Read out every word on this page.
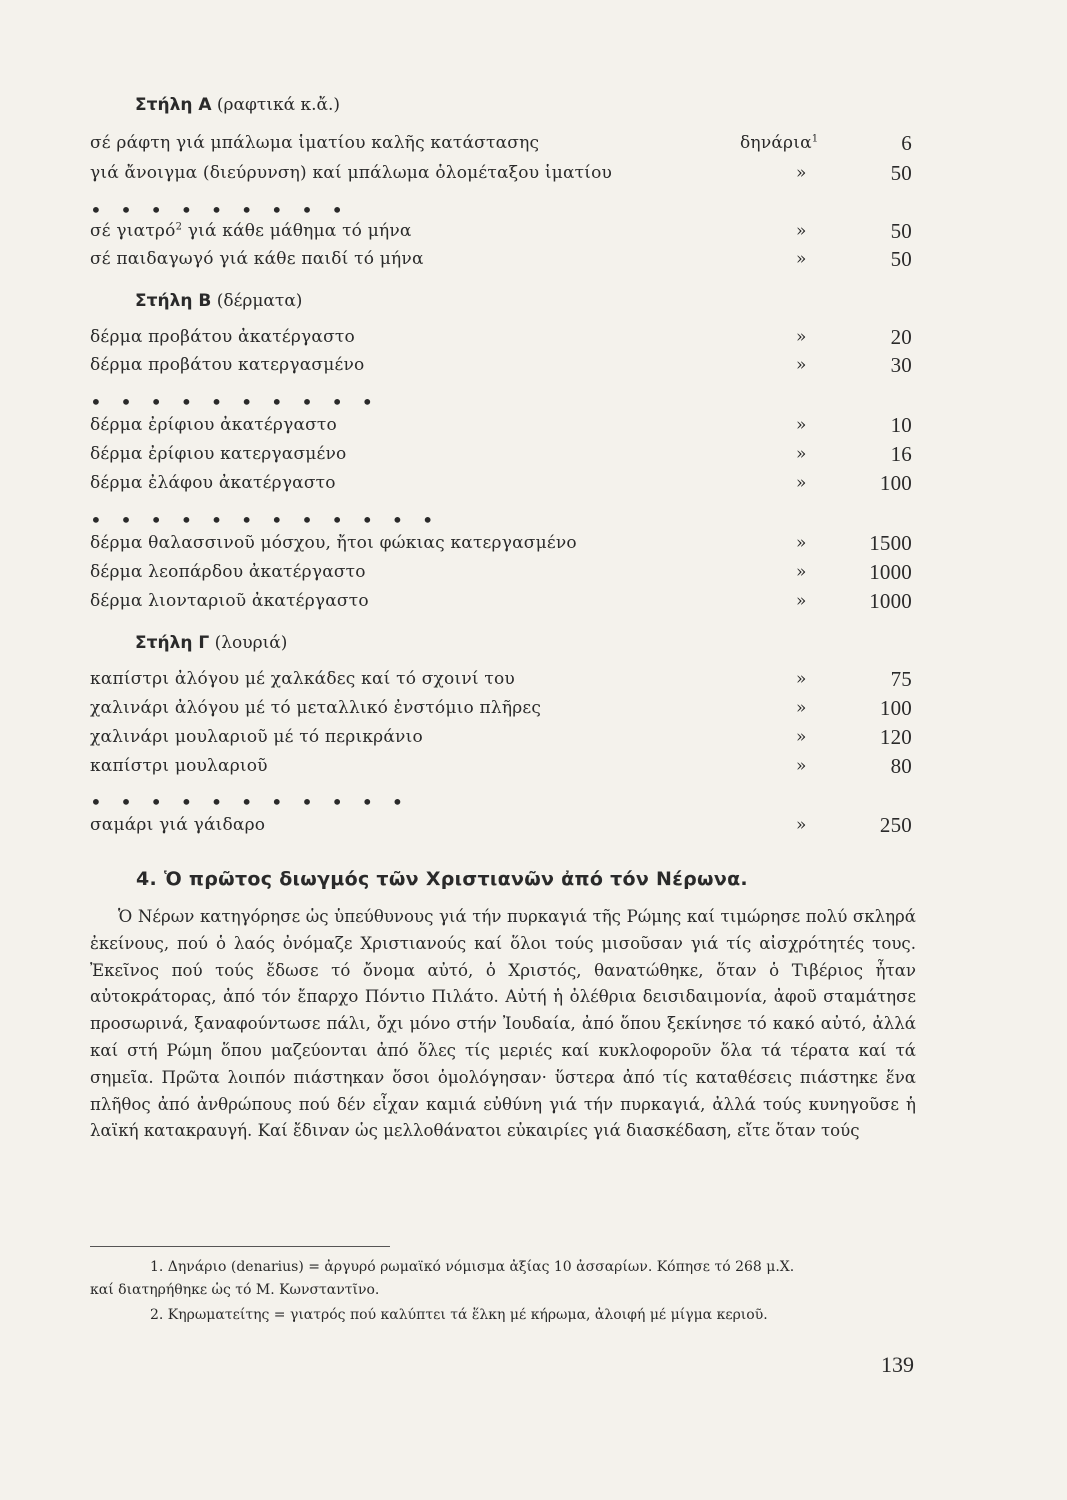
Στήλη Α (ραφτικά κ.ἄ.)
σέ ράφτη γιά μπάλωμα ἱματίου καλῆς κατάστασης	δηνάρια$^1$	6
γιά ἄνοιγμα (διεύρυνση) καί μπάλωμα ὁλομέταξου ἱματίου	»	50
• • • • • • • • •
σέ γιατρό$^2$ γιά κάθε μάθημα τό μήνα	»	50
σέ παιδαγωγό γιά κάθε παιδί τό μήνα	»	50
Στήλη Β (δέρματα)
δέρμα προβάτου ἀκατέργαστο	»	20
δέρμα προβάτου κατεργασμένο	»	30
• • • • • • • • • •
δέρμα ἐρίφιου ἀκατέργαστο	»	10
δέρμα ἐρίφιου κατεργασμένο	»	16
δέρμα ἐλάφου ἀκατέργαστο	»	100
• • • • • • • • • • • •
δέρμα θαλασσινοῦ μόσχου, ἤτοι φώκιας κατεργασμένο	»	1500
δέρμα λεοπάρδου ἀκατέργαστο	»	1000
δέρμα λιονταριοῦ ἀκατέργαστο	»	1000
Στήλη Γ (λουριά)
καπίστρι ἀλόγου μέ χαλκάδες καί τό σχοινί του	»	75
χαλινάρι ἀλόγου μέ τό μεταλλικό ἐνστόμιο πλῆρες	»	100
χαλινάρι μουλαριοῦ μέ τό περικράνιο	»	120
καπίστρι μουλαριοῦ	»	80
• • • • • • • • • • •
σαμάρι γιά γάιδαρο	»	250
4. Ὁ πρῶτος διωγμός τῶν Χριστιανῶν ἀπό τόν Νέρωνα.
Ὁ Νέρων κατηγόρησε ὡς ὑπεύθυνους γιά τήν πυρκαγιά τῆς Ρώμης καί τιμώρησε πολύ σκληρά ἐκείνους, πού ὁ λαός ὀνόμαζε Χριστιανούς καί ὅλοι τούς μισοῦσαν γιά τίς αἰσχρότητές τους. Ἐκεῖνος πού τούς ἔδωσε τό ὄνομα αὐτό, ὁ Χριστός, θανατώθηκε, ὅταν ὁ Τιβέριος ἦταν αὐτοκράτορας, ἀπό τόν ἔπαρχο Πόντιο Πιλάτο. Αὐτή ἡ ὀλέθρια δεισιδαιμονία, ἀφοῦ σταμάτησε προσωρινά, ξαναφούντωσε πάλι, ὄχι μόνο στήν Ἰουδαία, ἀπό ὅπου ξεκίνησε τό κακό αὐτό, ἀλλά καί στή Ρώμη ὅπου μαζεύονται ἀπό ὅλες τίς μεριές καί κυκλοφοροῦν ὅλα τά τέρατα καί τά σημεῖα. Πρῶτα λοιπόν πιάστηκαν ὅσοι ὁμολόγησαν· ὕστερα ἀπό τίς καταθέσεις πιάστηκε ἕνα πλῆθος ἀπό ἀνθρώπους πού δέν εἶχαν καμιά εὐθύνη γιά τήν πυρκαγιά, ἀλλά τούς κυνηγοῦσε ἡ λαϊκή κατακραυγή. Καί ἔδιναν ὡς μελλοθάνατοι εὐκαιρίες γιά διασκέδαση, εἴτε ὅταν τούς
1. Δηνάριο (denarius) = ἀργυρό ρωμαϊκό νόμισμα ἀξίας 10 ἀσσαρίων. Κόπησε τό 268 μ.Χ.
καί διατηρήθηκε ὡς τό Μ. Κωνσταντῖνο.
2. Κηρωματείτης = γιατρός πού καλύπτει τά ἕλκη μέ κήρωμα, ἀλοιφή μέ μίγμα κεριοῦ.
139
